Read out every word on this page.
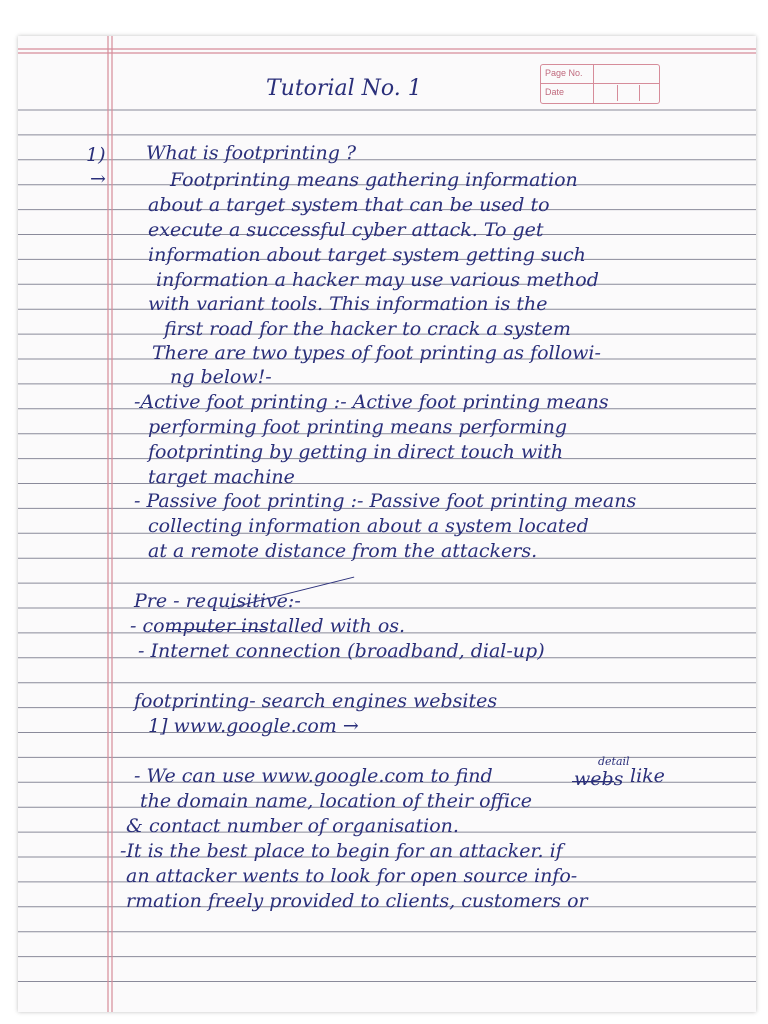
Page No.
Date
Tutorial No. 1
1) What is footprinting ?
→	Footprinting means gathering information
about a target system that can be used to
execute a successful cyber attack. To get
information about target system getting such
information a hacker may use various method
with variant tools. This information is the
first road for the hacker to crack a system
There are two types of foot printing as followi-
ng below!-
-Active foot printing :- Active foot printing means
performing foot printing means performing
footprinting by getting in direct touch with
target machine
- Passive foot printing :- Passive foot printing means
collecting information about a system located
at a remote distance from the attackers.
Pre - requisitive:-
- computer installed with os.
- Internet connection (broadband, dial-up)
footprinting- search engines websites
1] www.google.com →
- We can use www.google.com to find
detail
webs like
the domain name, location of their office
& contact number of organisation.
-It is the best place to begin for an attacker. if
an attacker wents to look for open source info-
rmation freely provided to clients, customers or
